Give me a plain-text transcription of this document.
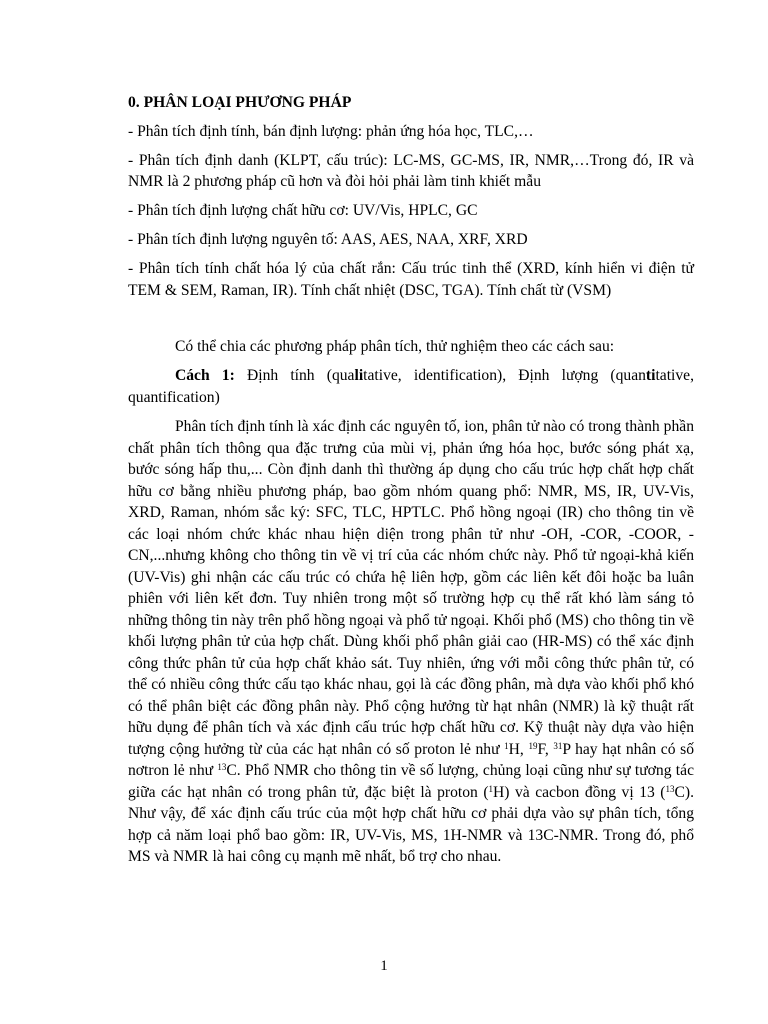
0. PHÂN LOẠI PHƯƠNG PHÁP
- Phân tích định tính, bán định lượng: phản ứng hóa học, TLC,…
- Phân tích định danh (KLPT, cấu trúc): LC-MS, GC-MS, IR, NMR,…Trong đó, IR và NMR là 2 phương pháp cũ hơn và đòi hỏi phải làm tinh khiết mẫu
- Phân tích định lượng chất hữu cơ: UV/Vis, HPLC, GC
- Phân tích định lượng nguyên tố: AAS, AES, NAA, XRF, XRD
- Phân tích tính chất hóa lý của chất rắn: Cấu trúc tinh thể (XRD, kính hiển vi điện tử TEM & SEM, Raman, IR). Tính chất nhiệt (DSC, TGA). Tính chất từ (VSM)
Có thể chia các phương pháp phân tích, thử nghiệm theo các cách sau:
Cách 1: Định tính (qualitative, identification), Định lượng (quantitative, quantification)
Phân tích định tính là xác định các nguyên tố, ion, phân tử nào có trong thành phần chất phân tích thông qua đặc trưng của mùi vị, phản ứng hóa học, bước sóng phát xạ, bước sóng hấp thu,... Còn định danh thì thường áp dụng cho cấu trúc hợp chất hợp chất hữu cơ bằng nhiều phương pháp, bao gồm nhóm quang phổ: NMR, MS, IR, UV-Vis, XRD, Raman, nhóm sắc ký: SFC, TLC, HPTLC. Phổ hồng ngoại (IR) cho thông tin về các loại nhóm chức khác nhau hiện diện trong phân tử như -OH, -COR, -COOR, -CN,...nhưng không cho thông tin về vị trí của các nhóm chức này. Phổ tử ngoại-khả kiến (UV-Vis) ghi nhận các cấu trúc có chứa hệ liên hợp, gồm các liên kết đôi hoặc ba luân phiên với liên kết đơn. Tuy nhiên trong một số trường hợp cụ thể rất khó làm sáng tỏ những thông tin này trên phổ hồng ngoại và phổ tử ngoại. Khối phổ (MS) cho thông tin về khối lượng phân tử của hợp chất. Dùng khối phổ phân giải cao (HR-MS) có thể xác định công thức phân tử của hợp chất khảo sát. Tuy nhiên, ứng với mỗi công thức phân tử, có thể có nhiều công thức cấu tạo khác nhau, gọi là các đồng phân, mà dựa vào khối phổ khó có thể phân biệt các đồng phân này. Phổ cộng hưởng từ hạt nhân (NMR) là kỹ thuật rất hữu dụng để phân tích và xác định cấu trúc hợp chất hữu cơ. Kỹ thuật này dựa vào hiện tượng cộng hưởng từ của các hạt nhân có số proton lẻ như $^1$H, $^{19}$F, $^{31}$P hay hạt nhân có số nơtron lẻ như $^{13}$C. Phổ NMR cho thông tin về số lượng, chủng loại cũng như sự tương tác giữa các hạt nhân có trong phân tử, đặc biệt là proton ($^1$H) và cacbon đồng vị 13 ($^{13}$C). Như vậy, để xác định cấu trúc của một hợp chất hữu cơ phải dựa vào sự phân tích, tổng hợp cả năm loại phổ bao gồm: IR, UV-Vis, MS, 1H-NMR và 13C-NMR. Trong đó, phổ MS và NMR là hai công cụ mạnh mẽ nhất, bổ trợ cho nhau.
1
